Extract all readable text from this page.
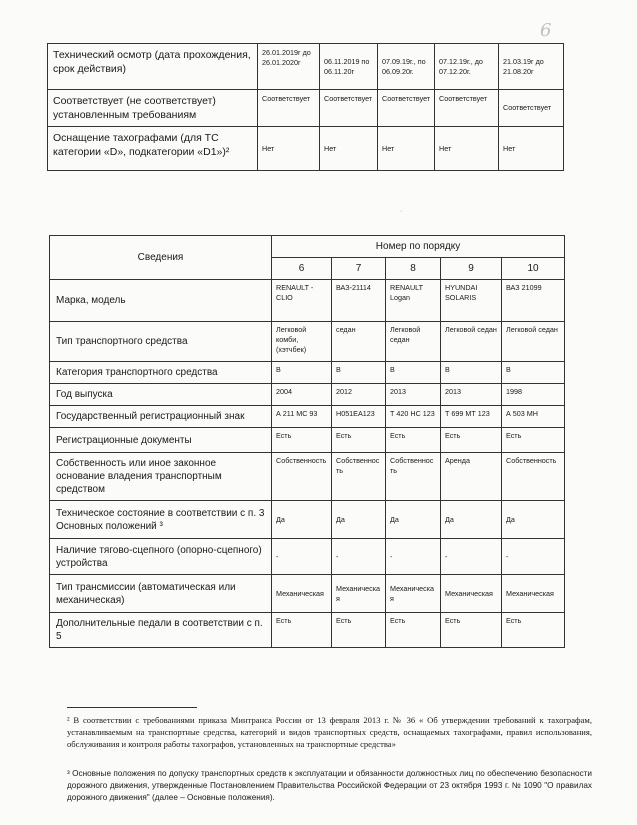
6
Технический осмотр (дата прохождения, срок действия)	26.01.2019г до 26.01.2020г	06.11.2019 по 06.11.20г	07.09.19г., по 06.09.20г.	07.12.19г., до 07.12.20г.	21.03.19г до 21.08.20г
Соответствует (не соответствует) установленным требованиям	Соответствует	Соответствует	Соответствует	Соответствует	Соответствует
Оснащение тахографами (для ТС категории «D», подкатегории «D1»)²	Нет	Нет	Нет	Нет	Нет
·
Сведения	Номер по порядку				
	6	7	8	9	10
Марка, модель	RENAULT - CLIO	ВАЗ-21114	RENAULT Logan	HYUNDAI SOLARIS	ВАЗ 21099
Тип транспортного средства	Легковой комби, (хэтчбек)	седан	Легковой седан	Легковой седан	Легковой седан
Категория транспортного средства	В	В	В	В	В
Год выпуска	2004	2012	2013	2013	1998
Государственный регистрационный знак	А 211 МС 93	Н051ЕА123	Т 420 НС 123	Т 699 МТ 123	А 503 МН
Регистрационные документы	Есть	Есть	Есть	Есть	Есть
Собственность или иное законное основание владения транспортным средством	Собственность	Собственность	Собственность	Аренда	Собственность
Техническое состояние в соответствии с п. 3 Основных положений ³	Да	Да	Да	Да	Да
Наличие тягово-сцепного (опорно-сцепного) устройства	-	-	-	-	-
Тип трансмиссии (автоматическая или механическая)	Механическая	Механическая	Механическая	Механическая	Механическая
Дополнительные педали в соответствии с п. 5	Есть	Есть	Есть	Есть	Есть
² В соответствии с требованиями приказа Минтранса России от 13 февраля 2013 г. № 36 « Об утверждении требований к тахографам, устанавливаемым на транспортные средства, категорий и видов транспортных средств, оснащаемых тахографами, правил использования, обслуживания и контроля работы тахографов, установленных на транспортные средства»
³ Основные положения по допуску транспортных средств к эксплуатации и обязанности должностных лиц по обеспечению безопасности дорожного движения, утвержденные Постановлением Правительства Российской Федерации от 23 октября 1993 г. № 1090 "О правилах дорожного движения" (далее – Основные положения).
